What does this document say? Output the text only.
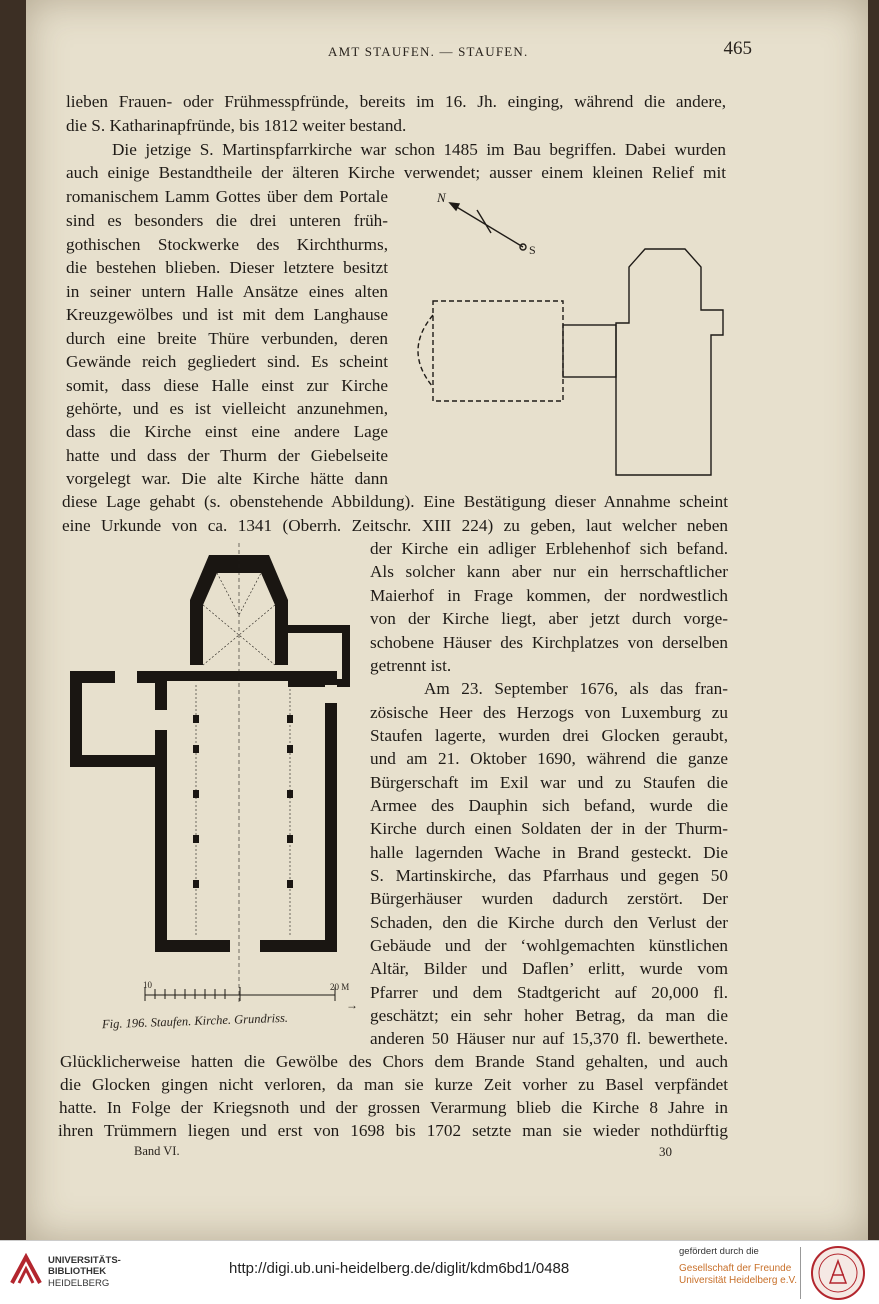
AMT STAUFEN. — STAUFEN.	465
lieben Frauen- oder Frühmesspfründe, bereits im 16. Jh. einging, während die andere,
die S. Katharinapfründe, bis 1812 weiter bestand.
Die jetzige S. Martinspfarrkirche war schon 1485 im Bau begriffen. Dabei wurden
auch einige Bestandtheile der älteren Kirche verwendet; ausser einem kleinen Relief mit
romanischem Lamm Gottes über dem Portale
sind es besonders die drei unteren früh-
gothischen Stockwerke des Kirchthurms,
die bestehen blieben. Dieser letztere besitzt
in seiner untern Halle Ansätze eines alten
Kreuzgewölbes und ist mit dem Langhause
durch eine breite Thüre verbunden, deren
Gewände reich gegliedert sind. Es scheint
somit, dass diese Halle einst zur Kirche
gehörte, und es ist vielleicht anzunehmen,
dass die Kirche einst eine andere Lage
hatte und dass der Thurm der Giebelseite
vorgelegt war. Die alte Kirche hätte dann
diese Lage gehabt (s. obenstehende Abbildung). Eine Bestätigung dieser Annahme scheint
eine Urkunde von ca. 1341 (Oberrh. Zeitschr. XIII 224) zu geben, laut welcher neben
der Kirche ein adliger Erblehenhof sich befand.
Als solcher kann aber nur ein herrschaftlicher
Maierhof in Frage kommen, der nordwestlich
von der Kirche liegt, aber jetzt durch vorge-
schobene Häuser des Kirchplatzes von derselben
getrennt ist.
Am 23. September 1676, als das fran-
zösische Heer des Herzogs von Luxemburg zu
Staufen lagerte, wurden drei Glocken geraubt,
und am 21. Oktober 1690, während die ganze
Bürgerschaft im Exil war und zu Staufen die
Armee des Dauphin sich befand, wurde die
Kirche durch einen Soldaten der in der Thurm-
halle lagernden Wache in Brand gesteckt. Die
S. Martinskirche, das Pfarrhaus und gegen 50
Bürgerhäuser wurden dadurch zerstört. Der
Schaden, den die Kirche durch den Verlust der
Gebäude und der ‘wohlgemachten künstlichen
Altär, Bilder und Daflen’ erlitt, wurde vom
Pfarrer und dem Stadtgericht auf 20,000 fl.
geschätzt; ein sehr hoher Betrag, da man die
anderen 50 Häuser nur auf 15,370 fl. bewerthete.
Glücklicherweise hatten die Gewölbe des Chors dem Brande Stand gehalten, und auch
die Glocken gingen nicht verloren, da man sie kurze Zeit vorher zu Basel verpfändet
hatte. In Folge der Kriegsnoth und der grossen Verarmung blieb die Kirche 8 Jahre in
ihren Trümmern liegen und erst von 1698 bis 1702 setzte man sie wieder nothdürftig
Fig. 196. Staufen. Kirche. Grundriss.
Band VI.	30
N
S
10	20 M
→
UNIVERSITÄTS-
BIBLIOTHEK
HEIDELBERG
http://digi.ub.uni-heidelberg.de/diglit/kdm6bd1/0488
gefördert durch die
Gesellschaft der Freunde
Universität Heidelberg e.V.
